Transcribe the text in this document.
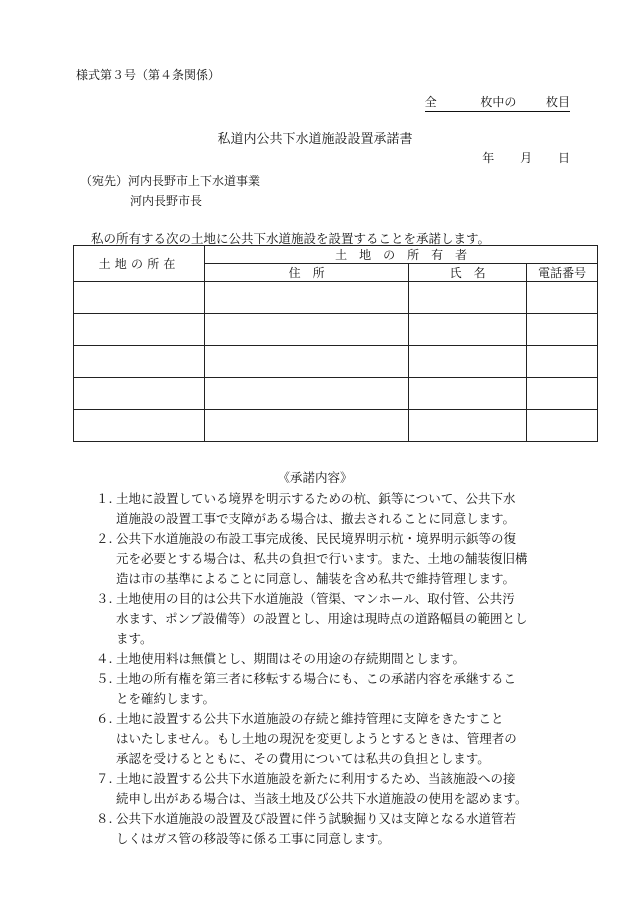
様式第３号（第４条関係）
全	枚中の 枚目
私道内公共下水道施設設置承諾書
年 月 日
（宛先）河内長野市上下水道事業
河内長野市長
私の所有する次の土地に公共下水道施設を設置することを承諾します。
土地の所在	土　地　の　所　有　者		
	住　所	氏　名	電話番号

《承諾内容》
１. 土地に設置している境界を明示するための杭、鋲等について、公共下水
道施設の設置工事で支障がある場合は、撤去されることに同意します。
２. 公共下水道施設の布設工事完成後、民民境界明示杭・境界明示鋲等の復
元を必要とする場合は、私共の負担で行います。また、土地の舗装復旧構
造は市の基準によることに同意し、舗装を含め私共で維持管理します。
３. 土地使用の目的は公共下水道施設（管渠、マンホール、取付管、公共汚
水ます、ポンプ設備等）の設置とし、用途は現時点の道路幅員の範囲とし
ます。
４. 土地使用料は無償とし、期間はその用途の存続期間とします。
５. 土地の所有権を第三者に移転する場合にも、この承諾内容を承継するこ
とを確約します。
６. 土地に設置する公共下水道施設の存続と維持管理に支障をきたすこと
はいたしません。もし土地の現況を変更しようとするときは、管理者の
承認を受けるとともに、その費用については私共の負担とします。
７. 土地に設置する公共下水道施設を新たに利用するため、当該施設への接
続申し出がある場合は、当該土地及び公共下水道施設の使用を認めます。
８. 公共下水道施設の設置及び設置に伴う試験掘り又は支障となる水道管若
しくはガス管の移設等に係る工事に同意します。
